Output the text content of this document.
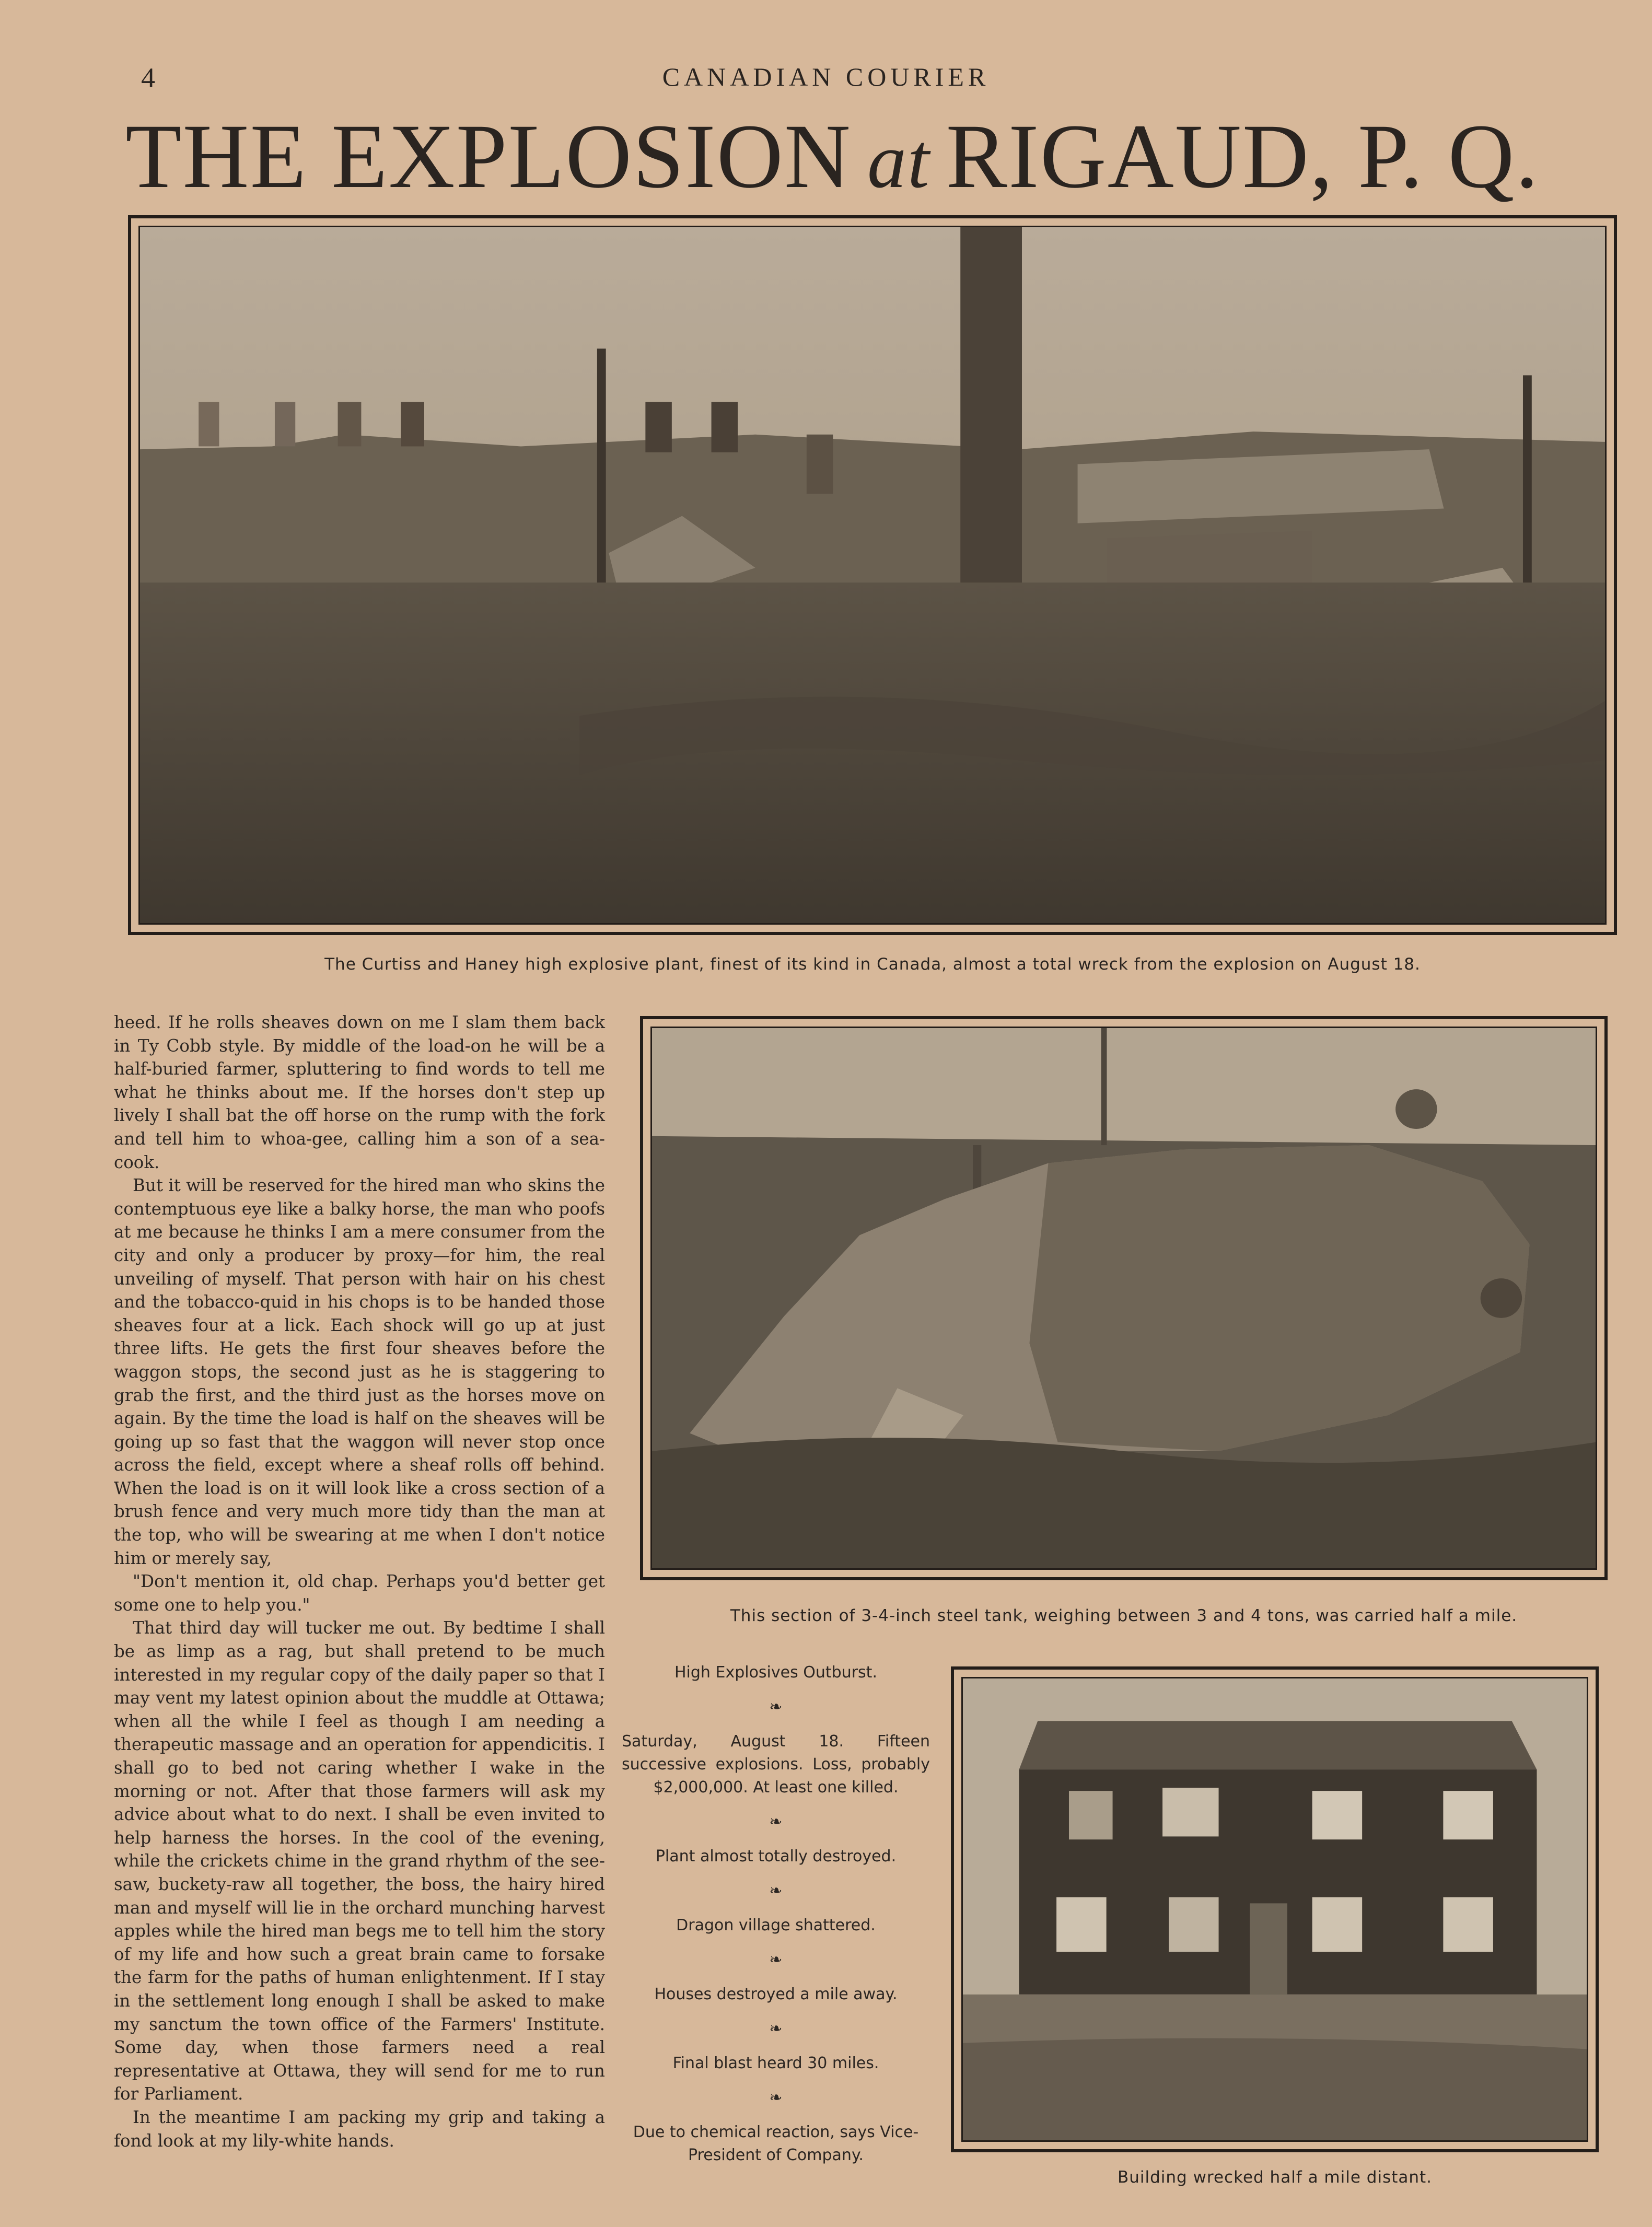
4	CANADIAN COURIER
THE EXPLOSION at RIGAUD, P. Q.
The Curtiss and Haney high explosive plant, finest of its kind in Canada, almost a total wreck from the explosion on August 18.

heed. If he rolls sheaves down on me I slam them back in Ty Cobb style. By middle of the load-on he will be a half-buried farmer, spluttering to find words to tell me what he thinks about me. If the horses don't step up lively I shall bat the off horse on the rump with the fork and tell him to whoa-gee, calling him a son of a sea-cook.

But it will be reserved for the hired man who skins the contemptuous eye like a balky horse, the man who poofs at me because he thinks I am a mere consumer from the city and only a producer by proxy—for him, the real unveiling of myself. That person with hair on his chest and the tobacco-quid in his chops is to be handed those sheaves four at a lick. Each shock will go up at just three lifts. He gets the first four sheaves before the waggon stops, the second just as he is staggering to grab the first, and the third just as the horses move on again. By the time the load is half on the sheaves will be going up so fast that the waggon will never stop once across the field, except where a sheaf rolls off behind. When the load is on it will look like a cross section of a brush fence and very much more tidy than the man at the top, who will be swearing at me when I don't notice him or merely say,

"Don't mention it, old chap. Perhaps you'd better get some one to help you."

That third day will tucker me out. By bedtime I shall be as limp as a rag, but shall pretend to be much interested in my regular copy of the daily paper so that I may vent my latest opinion about the muddle at Ottawa; when all the while I feel as though I am needing a therapeutic massage and an operation for appendicitis. I shall go to bed not caring whether I wake in the morning or not. After that those farmers will ask my advice about what to do next. I shall be even invited to help harness the horses. In the cool of the evening, while the crickets chime in the grand rhythm of the see-saw, buckety-raw all together, the boss, the hairy hired man and myself will lie in the orchard munching harvest apples while the hired man begs me to tell him the story of my life and how such a great brain came to forsake the farm for the paths of human enlightenment. If I stay in the settlement long enough I shall be asked to make my sanctum the town office of the Farmers' Institute. Some day, when those farmers need a real representative at Ottawa, they will send for me to run for Parliament.

In the meantime I am packing my grip and taking a fond look at my lily-white hands.

This section of 3-4-inch steel tank, weighing between 3 and 4 tons, was carried half a mile.
High Explosives Outburst.
❧
Saturday, August 18. Fifteen successive explosions. Loss, probably $2,000,000. At least one killed.
❧
Plant almost totally destroyed.
❧
Dragon village shattered.
❧
Houses destroyed a mile away.
❧
Final blast heard 30 miles.
❧
Due to chemical reaction, says Vice-President of Company.
Building wrecked half a mile distant.
